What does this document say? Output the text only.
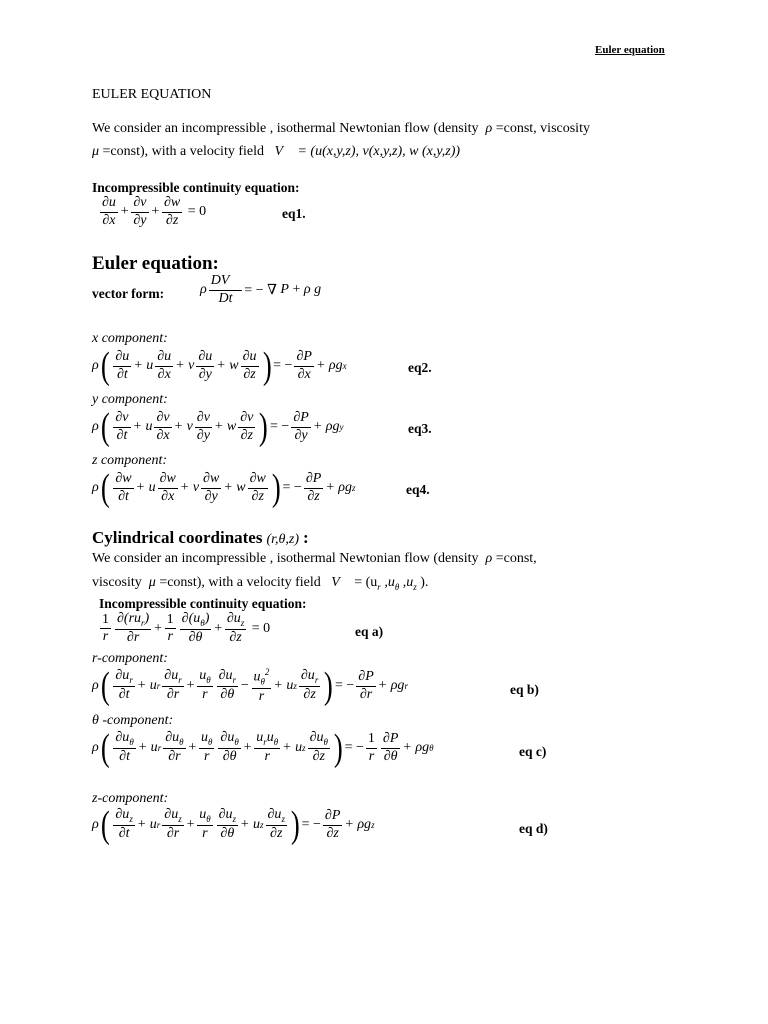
Euler equation
EULER EQUATION
We consider an incompressible , isothermal Newtonian flow (density  ρ =const, viscosity
μ =const), with a velocity field   V⃗ = (u(x,y,z), v(x,y,z), w (x,y,z))
Incompressible continuity equation:
$\frac{\partial u}{\partial x} + \frac{\partial v}{\partial y} + \frac{\partial w}{\partial z} = 0$	eq1.
Euler equation:
vector form:	ρ $\frac{DV⃗}{Dt}$ = − ∇ P + ρ g⃗
x component:
ρ ( $\frac{\partial u}{\partial t} + u \frac{\partial u}{\partial x} + v \frac{\partial u}{\partial y} + w \frac{\partial u}{\partial z}$ ) = − $\frac{\partial P}{\partial x} + \rho g$ x	eq2.
y component:
ρ ( $\frac{\partial v}{\partial t} + u \frac{\partial v}{\partial x} + v \frac{\partial v}{\partial y} + w \frac{\partial v}{\partial z}$ ) = − $\frac{\partial P}{\partial y} + \rho g$ y	eq3.
z component:
ρ ( $\frac{\partial w}{\partial t} + u \frac{\partial w}{\partial x} + v \frac{\partial w}{\partial y} + w \frac{\partial w}{\partial z}$ ) = − $\frac{\partial P}{\partial z} + \rho g$ z	eq4.
Cylindrical coordinates (r,θ,z) :
We consider an incompressible , isothermal Newtonian flow (density  ρ =const,
viscosity  μ =const), with a velocity field   V⃗ = ($u_r$ $,u_\theta$ $,u_z$ ).
Incompressible continuity equation:
$\frac{1}{r} \frac{\partial(ru_r)}{\partial r} + \frac{1}{r} \frac{\partial(u_\theta)}{\partial\theta} + \frac{\partial u_z}{\partial z} = 0$	eq a)
r-component:
ρ ( $\frac{\partial u_r}{\partial t} + u$ r $\frac{\partial u_r}{\partial r} + \frac{u_\theta}{r} \frac{\partial u_r}{\partial\theta} - \frac{u_\theta^2}{r} + u$ z $\frac{\partial u_r}{\partial z}$ ) = − $\frac{\partial P}{\partial r} + \rho g$ r	eq b)
θ -component:
ρ ( $\frac{\partial u_\theta}{\partial t} + u$ r $\frac{\partial u_\theta}{\partial r} + \frac{u_\theta}{r} \frac{\partial u_\theta}{\partial\theta} + \frac{u_ru_\theta}{r} + u$ z $\frac{\partial u_\theta}{\partial z}$ ) = − $\frac{1}{r} \frac{\partial P}{\partial\theta} + \rho g$ θ	eq c)
z-component:
ρ ( $\frac{\partial u_z}{\partial t} + u$ r $\frac{\partial u_z}{\partial r} + \frac{u_\theta}{r} \frac{\partial u_z}{\partial\theta} + u$ z $\frac{\partial u_z}{\partial z}$ ) = − $\frac{\partial P}{\partial z} + \rho g$ z	eq d)
